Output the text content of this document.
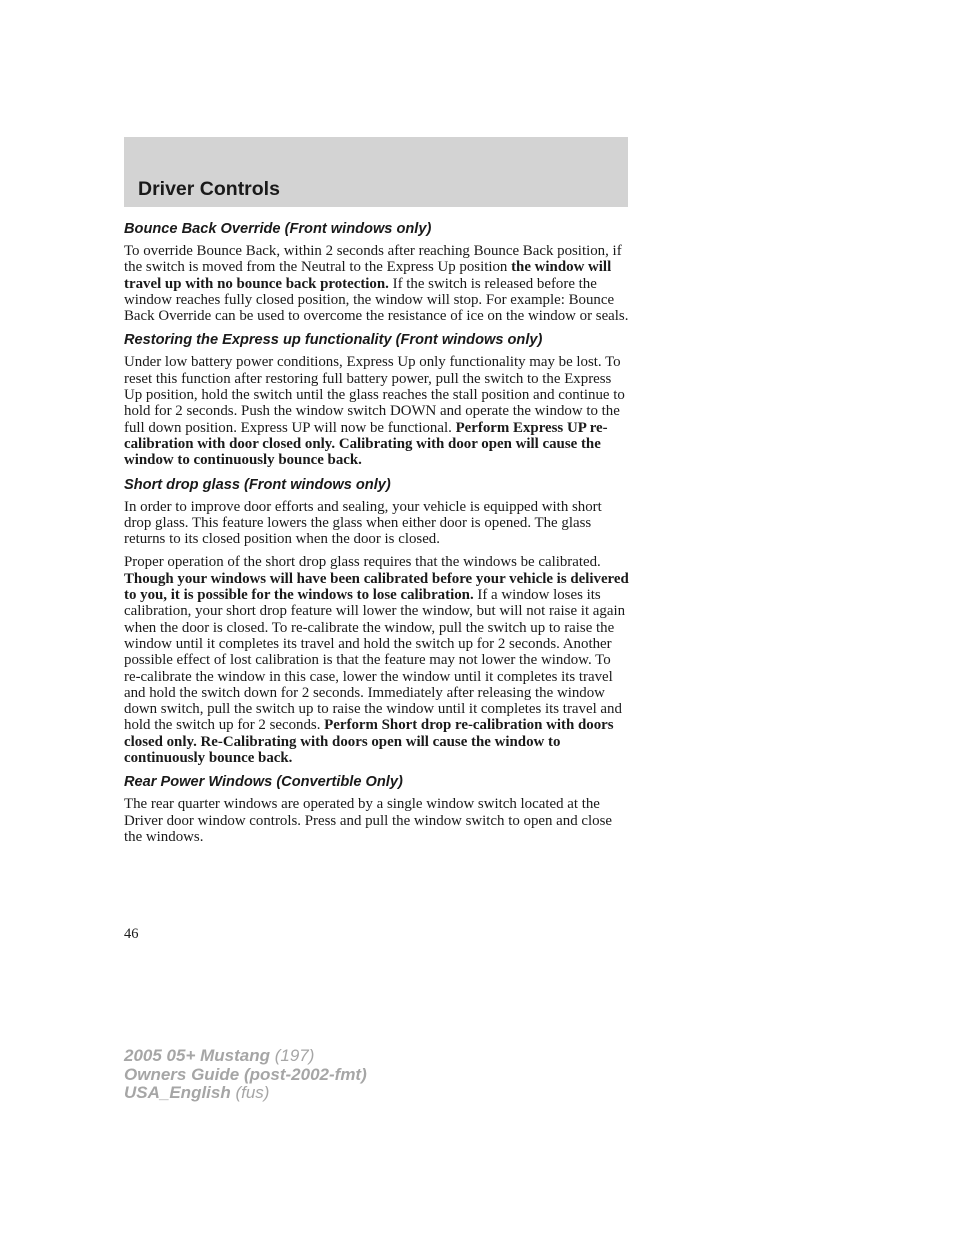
Driver Controls
Bounce Back Override (Front windows only)

To override Bounce Back, within 2 seconds after reaching Bounce Back position, if the switch is moved from the Neutral to the Express Up position the window will travel up with no bounce back protection. If the switch is released before the window reaches fully closed position, the window will stop. For example: Bounce Back Override can be used to overcome the resistance of ice on the window or seals.

Restoring the Express up functionality (Front windows only)

Under low battery power conditions, Express Up only functionality may be lost. To reset this function after restoring full battery power, pull the switch to the Express Up position, hold the switch until the glass reaches the stall position and continue to hold for 2 seconds. Push the window switch DOWN and operate the window to the full down position. Express UP will now be functional. Perform Express UP re-calibration with door closed only. Calibrating with door open will cause the window to continuously bounce back.

Short drop glass (Front windows only)

In order to improve door efforts and sealing, your vehicle is equipped with short drop glass. This feature lowers the glass when either door is opened. The glass returns to its closed position when the door is closed.

Proper operation of the short drop glass requires that the windows be calibrated. Though your windows will have been calibrated before your vehicle is delivered to you, it is possible for the windows to lose calibration. If a window loses its calibration, your short drop feature will lower the window, but will not raise it again when the door is closed. To re-calibrate the window, pull the switch up to raise the window until it completes its travel and hold the switch up for 2 seconds. Another possible effect of lost calibration is that the feature may not lower the window. To re-calibrate the window in this case, lower the window until it completes its travel and hold the switch down for 2 seconds. Immediately after releasing the window down switch, pull the switch up to raise the window until it completes its travel and hold the switch up for 2 seconds. Perform Short drop re-calibration with doors closed only. Re-Calibrating with doors open will cause the window to continuously bounce back.

Rear Power Windows (Convertible Only)

The rear quarter windows are operated by a single window switch located at the Driver door window controls. Press and pull the window switch to open and close the windows.

46
2005 05+ Mustang (197)
Owners Guide (post-2002-fmt)
USA_English (fus)
